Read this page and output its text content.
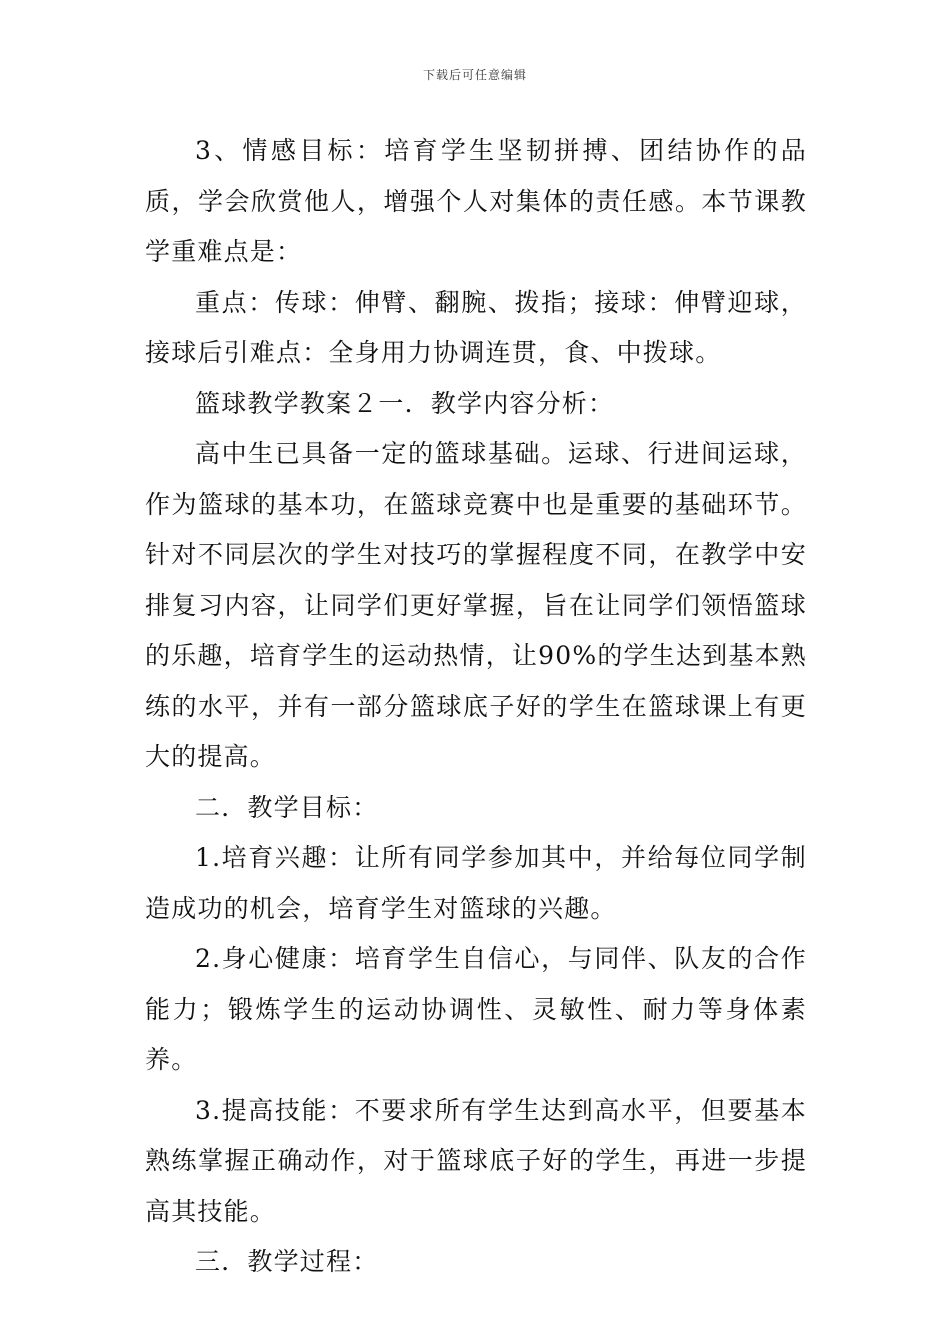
下载后可任意编辑

3、情感目标：培育学生坚韧拼搏、团结协作的品质，学会欣赏他人，增强个人对集体的责任感。本节课教学重难点是：

重点：传球：伸臂、翻腕、拨指；接球：伸臂迎球，接球后引难点：全身用力协调连贯，食、中拨球。

篮球教学教案２一．教学内容分析：

高中生已具备一定的篮球基础。运球、行进间运球，作为篮球的基本功，在篮球竞赛中也是重要的基础环节。针对不同层次的学生对技巧的掌握程度不同，在教学中安排复习内容，让同学们更好掌握，旨在让同学们领悟篮球的乐趣，培育学生的运动热情，让90%的学生达到基本熟练的水平，并有一部分篮球底子好的学生在篮球课上有更大的提高。

二．教学目标：

1.培育兴趣：让所有同学参加其中，并给每位同学制造成功的机会，培育学生对篮球的兴趣。

2.身心健康：培育学生自信心，与同伴、队友的合作能力；锻炼学生的运动协调性、灵敏性、耐力等身体素养。

3.提高技能：不要求所有学生达到高水平，但要基本熟练掌握正确动作，对于篮球底子好的学生，再进一步提高其技能。

三．教学过程：
